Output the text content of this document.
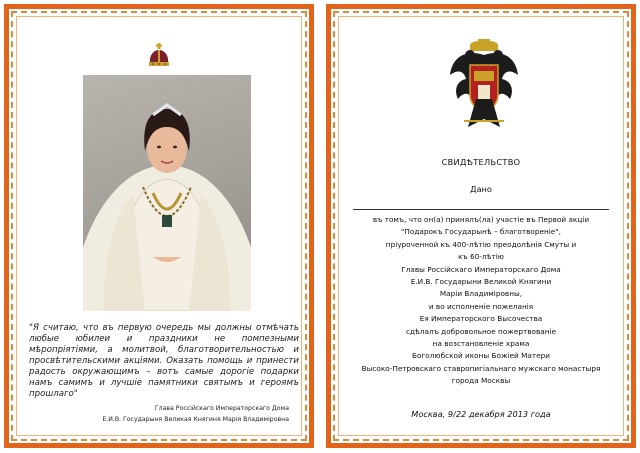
"Я считаю, что въ первую очередь мы должны отмѣчать любые юбилеи и праздники не помпезными мѣропріятіями, а молитвой, благотворительностью и просвѣтительскими акціями. Оказать помощь и принести радость окружающимъ – вотъ самые дорогіе подарки намъ самимъ и лучшіе памятники святымъ и героямъ прошлаго"
Глава Россійскаго Императорскаго Дома
Е.И.В. Государыня Великая Княгиня Марія Владиміровна
СВИДѢТЕЛЬСТВО
Дано
въ томъ, что он(а) принялъ(ла) участіе въ Первой акціи
"Подарокъ Государынѣ – благотвореніе",
пріуроченной къ 400-лѣтію преодолѣнія Смуты и
къ 60-лѣтію
Главы Россійскаго Императорскаго Дома
Е.И.В. Государыни Великой Княгини
Маріи Владиміровны,
и во исполненіе пожеланія
Ея Императорского Высочества
сдѣлалъ добровольное пожертвованіе
на возстановленіе храма
Боголюбской иконы Божіей Матери
Высоко-Петровскаго ставропигіальнаго мужскаго монастыря
города Москвы
Москва, 9/22 декабря 2013 года
